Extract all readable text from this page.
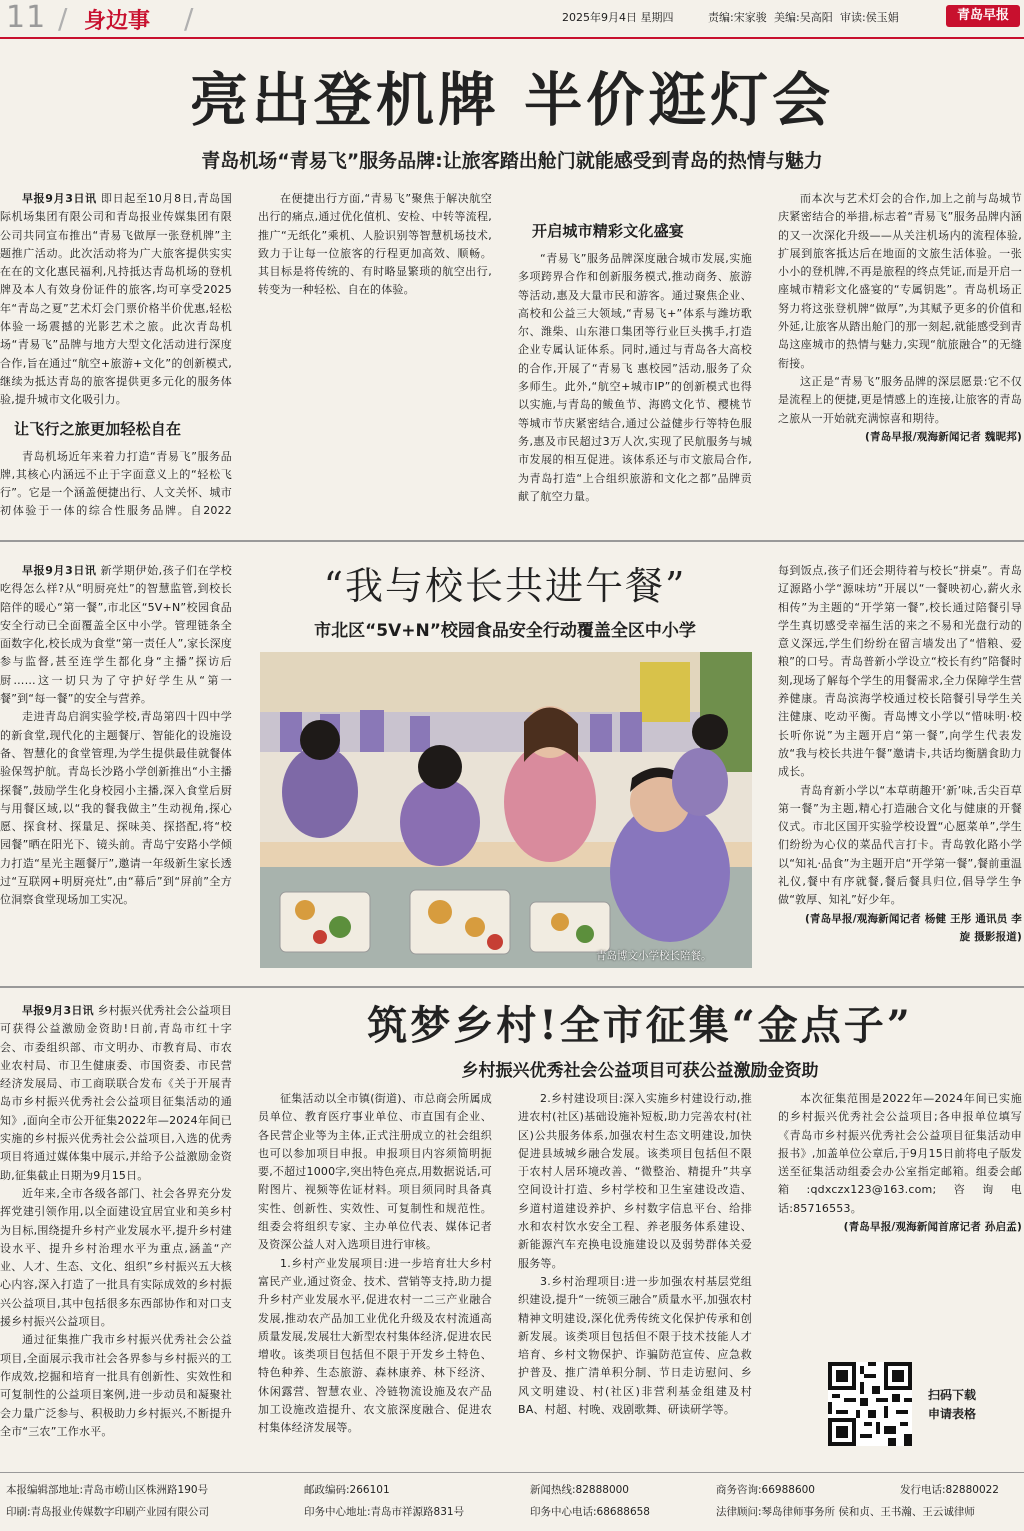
11 / 身边事 /	2025年9月4日 星期四	责编:宋家骏 美编:吴高阳 审读:侯玉娟	青岛早报
亮出登机牌 半价逛灯会
青岛机场“青易飞”服务品牌:让旅客踏出舱门就能感受到青岛的热情与魅力

早报9月3日讯 即日起至10月8日,青岛国际机场集团有限公司和青岛报业传媒集团有限公司共同宣布推出“青易飞做厚一张登机牌”主题推广活动。此次活动将为广大旅客提供实实在在的文化惠民福利,凡持抵达青岛机场的登机牌及本人有效身份证件的旅客,均可享受2025年“青岛之夏”艺术灯会门票价格半价优惠,轻松体验一场震撼的光影艺术之旅。此次青岛机场“青易飞”品牌与地方大型文化活动进行深度合作,旨在通过“航空+旅游+文化”的创新模式,继续为抵达青岛的旅客提供更多元化的服务体验,提升城市文化吸引力。

让飞行之旅更加轻松自在

青岛机场近年来着力打造“青易飞”服务品牌,其核心内涵远不止于字面意义上的“轻松飞行”。它是一个涵盖便捷出行、人文关怀、城市初体验于一体的综合性服务品牌。自2022

在便捷出行方面,“青易飞”聚焦于解决航空出行的痛点,通过优化值机、安检、中转等流程,推广“无纸化”乘机、人脸识别等智慧机场技术,致力于让每一位旅客的行程更加高效、顺畅。其目标是将传统的、有时略显繁琐的航空出行,转变为一种轻松、自在的体验。

开启城市精彩文化盛宴

“青易飞”服务品牌深度融合城市发展,实施多项跨界合作和创新服务模式,推动商务、旅游等活动,惠及大量市民和游客。通过聚焦企业、高校和公益三大领域,“青易飞+”体系与潍坊歌尔、潍柴、山东港口集团等行业巨头携手,打造企业专属认证体系。同时,通过与青岛各大高校的合作,开展了“青易飞 惠校园”活动,服务了众多师生。此外,“航空+城市IP”的创新模式也得以实施,与青岛的鲅鱼节、海鸥文化节、樱桃节等城市节庆紧密结合,通过公益健步行等特色服务,惠及市民超过3万人次,实现了民航服务与城市发展的相互促进。该体系还与市文旅局合作,为青岛打造“上合组织旅游和文化之都”品牌贡献了航空力量。

而本次与艺术灯会的合作,加上之前与岛城节庆紧密结合的举措,标志着“青易飞”服务品牌内涵的又一次深化升级——从关注机场内的流程体验,扩展到旅客抵达后在地面的文旅生活体验。一张小小的登机牌,不再是旅程的终点凭证,而是开启一座城市精彩文化盛宴的“专属钥匙”。青岛机场正努力将这张登机牌“做厚”,为其赋予更多的价值和外延,让旅客从踏出舱门的那一刻起,就能感受到青岛这座城市的热情与魅力,实现“航旅融合”的无缝衔接。

这正是“青易飞”服务品牌的深层愿景:它不仅是流程上的便捷,更是情感上的连接,让旅客的青岛之旅从一开始就充满惊喜和期待。

(青岛早报/观海新闻记者 魏昵邦)

早报9月3日讯 新学期伊始,孩子们在学校吃得怎么样?从“明厨亮灶”的智慧监管,到校长陪伴的暖心“第一餐”,市北区“5V+N”校园食品安全行动已全面覆盖全区中小学。管理链条全面数字化,校长成为食堂“第一责任人”,家长深度参与监督,甚至连学生都化身“主播”探访后厨……这一切只为了守护好学生从“第一餐”到“每一餐”的安全与营养。

走进青岛启润实验学校,青岛第四十四中学的新食堂,现代化的主题餐厅、智能化的设施设备、智慧化的食堂管理,为学生提供最佳就餐体验保驾护航。青岛长沙路小学创新推出“小主播探餐”,鼓励学生化身校园小主播,深入食堂后厨与用餐区域,以“我的餐我做主”生动视角,探心愿、探食材、探量足、探味美、探搭配,将“校园餐”晒在阳光下、镜头前。青岛宁安路小学倾力打造“星光主题餐厅”,邀请一年级新生家长透过“互联网+明厨亮灶”,由“幕后”到“屏前”全方位洞察食堂现场加工实况。

“我与校长共进午餐”
市北区“5V+N”校园食品安全行动覆盖全区中小学
青岛博文小学校长陪餐。

每到饭点,孩子们还会期待着与校长“拼桌”。青岛辽源路小学“源味坊”开展以“一餐映初心,薪火永相传”为主题的“开学第一餐”,校长通过陪餐引导学生真切感受幸福生活的来之不易和光盘行动的意义深远,学生们纷纷在留言墙发出了“惜粮、爱粮”的口号。青岛普新小学设立“校长有约”陪餐时刻,现场了解每个学生的用餐需求,全力保障学生营养健康。青岛滨海学校通过校长陪餐引导学生关注健康、吃动平衡。青岛博文小学以“惜味明·校长听你说”为主题开启“第一餐”,向学生代表发放“我与校长共进午餐”邀请卡,共话均衡膳食助力成长。

青岛育新小学以“本草萌趣开‘新’味,舌尖百草第一餐”为主题,精心打造融合文化与健康的开餐仪式。市北区国开实验学校设置“心愿菜单”,学生们纷纷为心仪的菜品代言打卡。青岛敦化路小学以“知礼·品食”为主题开启“开学第一餐”,餐前重温礼仪,餐中有序就餐,餐后餐具归位,倡导学生争做“敦厚、知礼”好少年。

(青岛早报/观海新闻记者 杨健 王彤 通讯员 李旋 摄影报道)

早报9月3日讯 乡村振兴优秀社会公益项目可获得公益激励金资助!日前,青岛市红十字会、市委组织部、市文明办、市教育局、市农业农村局、市卫生健康委、市国资委、市民营经济发展局、市工商联联合发布《关于开展青岛市乡村振兴优秀社会公益项目征集活动的通知》,面向全市公开征集2022年—2024年间已实施的乡村振兴优秀社会公益项目,入选的优秀项目将通过媒体集中展示,并给予公益激励金资助,征集截止日期为9月15日。

近年来,全市各级各部门、社会各界充分发挥党建引领作用,以全面建设宜居宜业和美乡村为目标,围绕提升乡村产业发展水平,提升乡村建设水平、提升乡村治理水平为重点,涵盖“产业、人才、生态、文化、组织”乡村振兴五大核心内容,深入打造了一批具有实际成效的乡村振兴公益项目,其中包括很多东西部协作和对口支援乡村振兴公益项目。

通过征集推广我市乡村振兴优秀社会公益项目,全面展示我市社会各界参与乡村振兴的工作成效,挖掘和培育一批具有创新性、实效性和可复制性的公益项目案例,进一步动员和凝聚社会力量广泛参与、积极助力乡村振兴,不断提升全市“三农”工作水平。

筑梦乡村!全市征集“金点子”
乡村振兴优秀社会公益项目可获公益激励金资助

征集活动以全市镇(街道)、市总商会所属成员单位、教育医疗事业单位、市直国有企业、各民营企业等为主体,正式注册成立的社会组织也可以参加项目申报。申报项目内容须简明扼要,不超过1000字,突出特色亮点,用数据说话,可附图片、视频等佐证材料。项目须同时具备真实性、创新性、实效性、可复制性和规范性。组委会将组织专家、主办单位代表、媒体记者及资深公益人对入选项目进行审核。

1.乡村产业发展项目:进一步培育壮大乡村富民产业,通过资金、技术、营销等支持,助力提升乡村产业发展水平,促进农村一二三产业融合发展,推动农产品加工业优化升级及农村流通高质量发展,发展壮大新型农村集体经济,促进农民增收。该类项目包括但不限于开发乡土特色、特色种养、生态旅游、森林康养、林下经济、休闲露营、智慧农业、冷链物流设施及农产品加工设施改造提升、农文旅深度融合、促进农村集体经济发展等。

2.乡村建设项目:深入实施乡村建设行动,推进农村(社区)基础设施补短板,助力完善农村(社区)公共服务体系,加强农村生态文明建设,加快促进县域城乡融合发展。该类项目包括但不限于农村人居环境改善、“微整治、精提升”共享空间设计打造、乡村学校和卫生室建设改造、乡道村道建设养护、乡村数字信息平台、给排水和农村饮水安全工程、养老服务体系建设、新能源汽车充换电设施建设以及弱势群体关爱服务等。

3.乡村治理项目:进一步加强农村基层党组织建设,提升“一统领三融合”质量水平,加强农村精神文明建设,深化优秀传统文化保护传承和创新发展。该类项目包括但不限于技术技能人才培育、乡村文物保护、诈骗防范宣传、应急救护普及、推广清单积分制、节日走访慰问、乡风文明建设、村(社区)非营利基金组建及村BA、村超、村晚、戏剧歌舞、研读研学等。

本次征集范围是2022年—2024年间已实施的乡村振兴优秀社会公益项目;各申报单位填写《青岛市乡村振兴优秀社会公益项目征集活动申报书》,加盖单位公章后,于9月15日前将电子版发送至征集活动组委会办公室指定邮箱。组委会邮箱:qdxczx123@163.com;咨询电话:85716553。

(青岛早报/观海新闻首席记者 孙启孟)

扫码下载
申请表格
本报编辑部地址:青岛市崂山区株洲路190号	邮政编码:266101	新闻热线:82888000	商务咨询:66988600	发行电话:82880022
印刷:青岛报业传媒数字印刷产业园有限公司	印务中心地址:青岛市祥源路831号	印务中心电话:68688658	法律顾问:琴岛律师事务所 侯和贞、王书瀚、王云诚律师
